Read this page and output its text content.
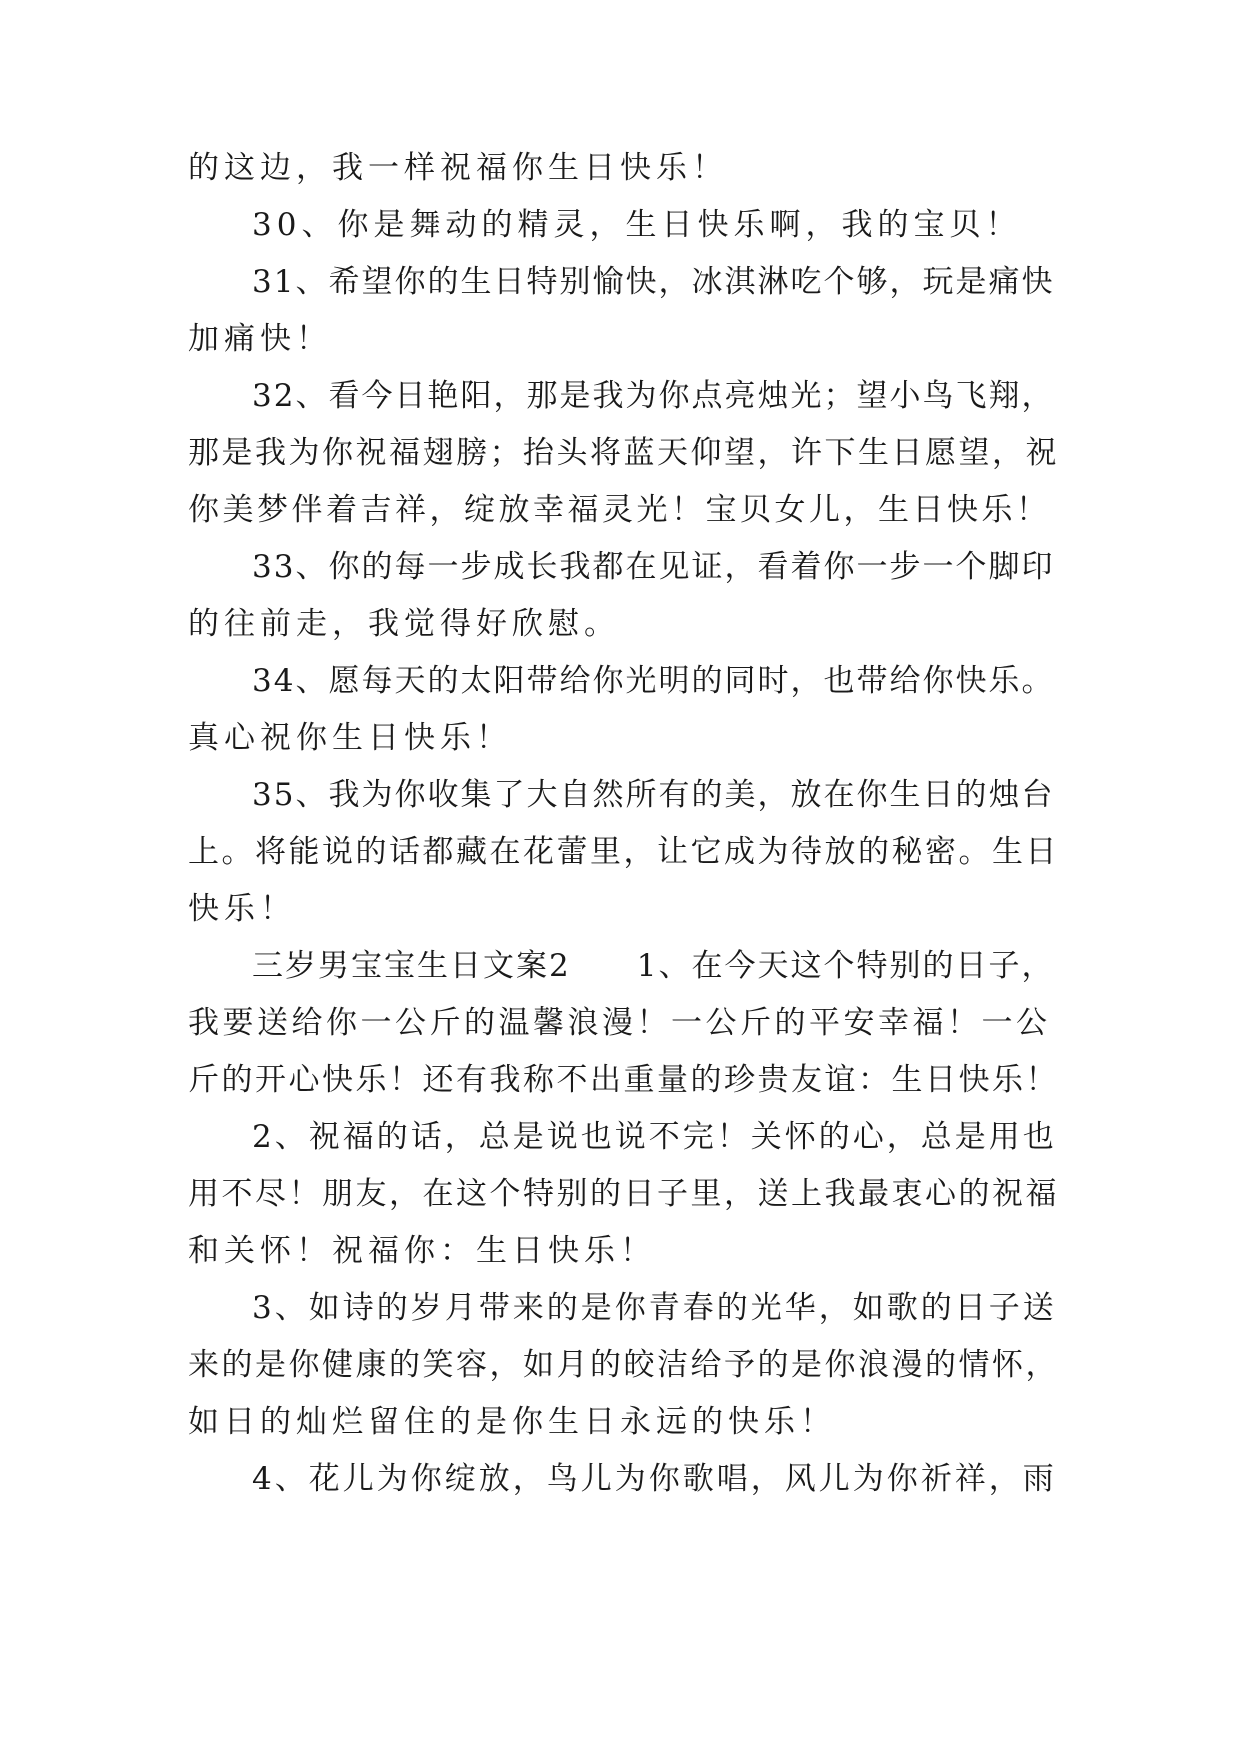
的这边，我一样祝福你生日快乐！
30、你是舞动的精灵，生日快乐啊，我的宝贝！
31、希望你的生日特别愉快，冰淇淋吃个够，玩是痛快
加痛快！
32、看今日艳阳，那是我为你点亮烛光；望小鸟飞翔，
那是我为你祝福翅膀；抬头将蓝天仰望，许下生日愿望，祝
你美梦伴着吉祥，绽放幸福灵光！宝贝女儿，生日快乐！
33、你的每一步成长我都在见证，看着你一步一个脚印
的往前走，我觉得好欣慰。
34、愿每天的太阳带给你光明的同时，也带给你快乐。
真心祝你生日快乐！
35、我为你收集了大自然所有的美，放在你生日的烛台
上。将能说的话都藏在花蕾里，让它成为待放的秘密。生日
快乐！
三岁男宝宝生日文案2　　1、在今天这个特别的日子，
我要送给你一公斤的温馨浪漫！一公斤的平安幸福！一公
斤的开心快乐！还有我称不出重量的珍贵友谊：生日快乐！
2、祝福的话，总是说也说不完！关怀的心，总是用也
用不尽！朋友，在这个特别的日子里，送上我最衷心的祝福
和关怀！祝福你：生日快乐！
3、如诗的岁月带来的是你青春的光华，如歌的日子送
来的是你健康的笑容，如月的皎洁给予的是你浪漫的情怀，
如日的灿烂留住的是你生日永远的快乐！
4、花儿为你绽放，鸟儿为你歌唱，风儿为你祈祥，雨
